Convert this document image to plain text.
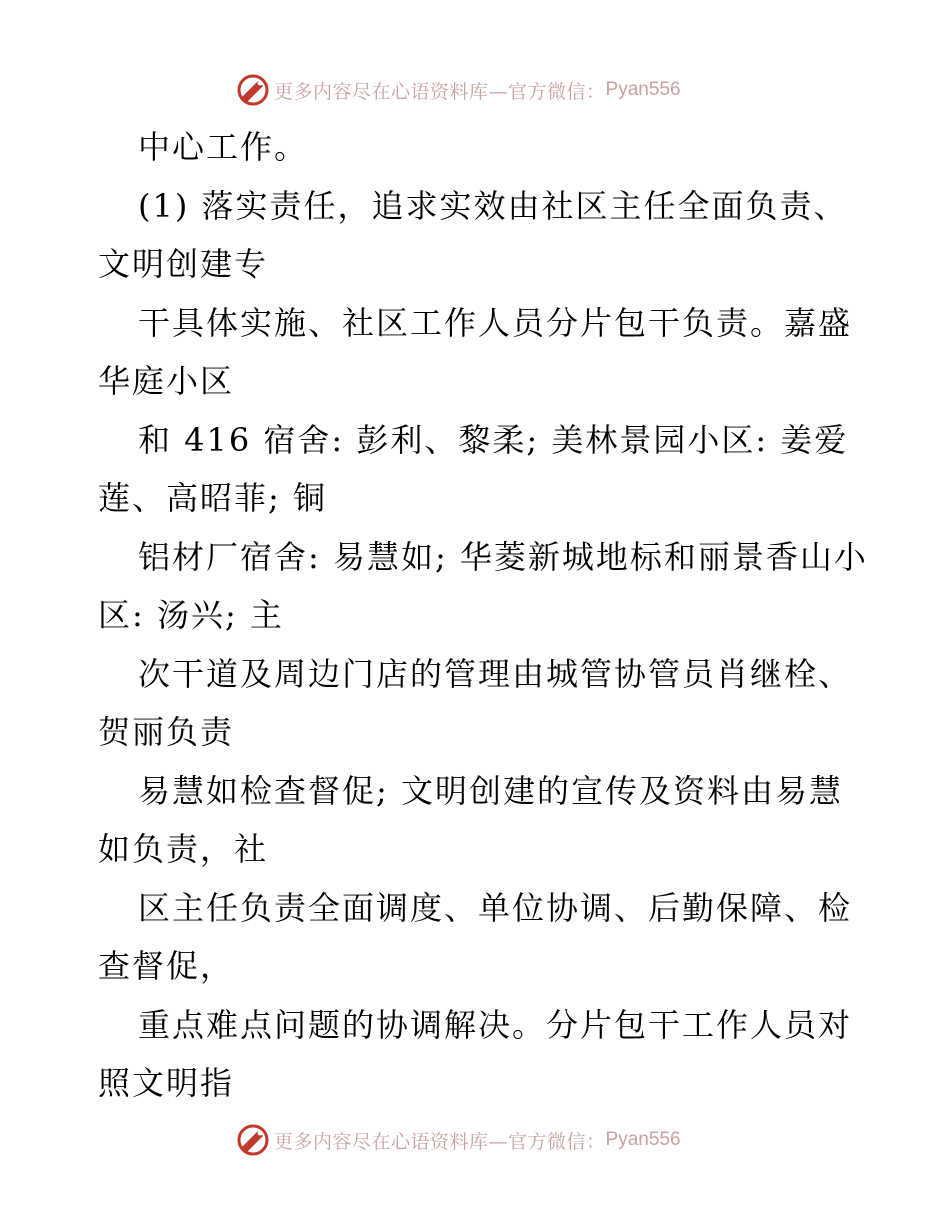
更多内容尽在心语资料库—官方微信： Pyan556
中心工作。
(1) 落实责任，追求实效由社区主任全面负责、
文明创建专
干具体实施、社区工作人员分片包干负责。嘉盛
华庭小区
和 416 宿舍: 彭利、黎柔; 美林景园小区: 姜爱
莲、高昭菲; 铜
铝材厂宿舍: 易慧如; 华菱新城地标和丽景香山小
区: 汤兴; 主
次干道及周边门店的管理由城管协管员肖继栓、
贺丽负责
易慧如检查督促; 文明创建的宣传及资料由易慧
如负责，社
区主任负责全面调度、单位协调、后勤保障、检
查督促，
重点难点问题的协调解决。分片包干工作人员对
照文明指
更多内容尽在心语资料库—官方微信： Pyan556
